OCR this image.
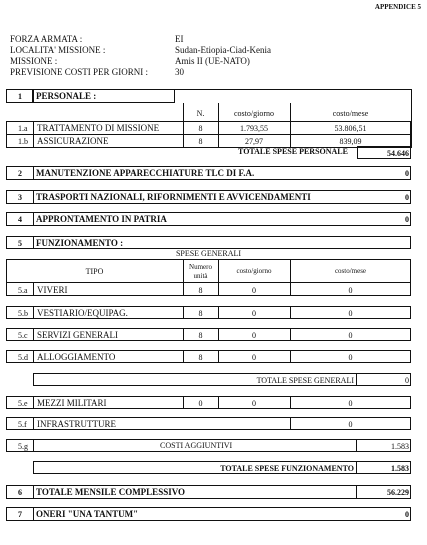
APPENDICE 5
FORZA ARMATA :	EI
LOCALITA' MISSIONE :	Sudan-Etiopia-Ciad-Kenia
MISSIONE :	Amis II (UE-NATO)
PREVISIONE COSTI PER GIORNI :	30
1 PERSONALE :
N.	costo/giorno	costo/mese
1.a TRATTAMENTO DI MISSIONE	8	1.793,55	53.806,51
1.b ASSICURAZIONE	8	27,97	839,09
TOTALE SPESE PERSONALE	54.646
2 MANUTENZIONE APPARECCHIATURE TLC DI F.A.	0
3 TRASPORTI NAZIONALI, RIFORNIMENTI E AVVICENDAMENTI	0
4 APPRONTAMENTO IN PATRIA	0
5 FUNZIONAMENTO :
SPESE GENERALI
TIPO	Numero
unità
costo/giorno	costo/mese
5.a VIVERI	8	0	0
5.b VESTIARIO/EQUIPAG.	8	0	0
5.c SERVIZI GENERALI	8	0	0
5.d ALLOGGIAMENTO	8	0	0
TOTALE SPESE GENERALI	0
5.e MEZZI MILITARI	0	0	0
5.f INFRASTRUTTURE	0
5.g	COSTI AGGIUNTIVI	1.583
TOTALE SPESE FUNZIONAMENTO	1.583
6 TOTALE MENSILE COMPLESSIVO	56.229
7 ONERI "UNA TANTUM"	0
